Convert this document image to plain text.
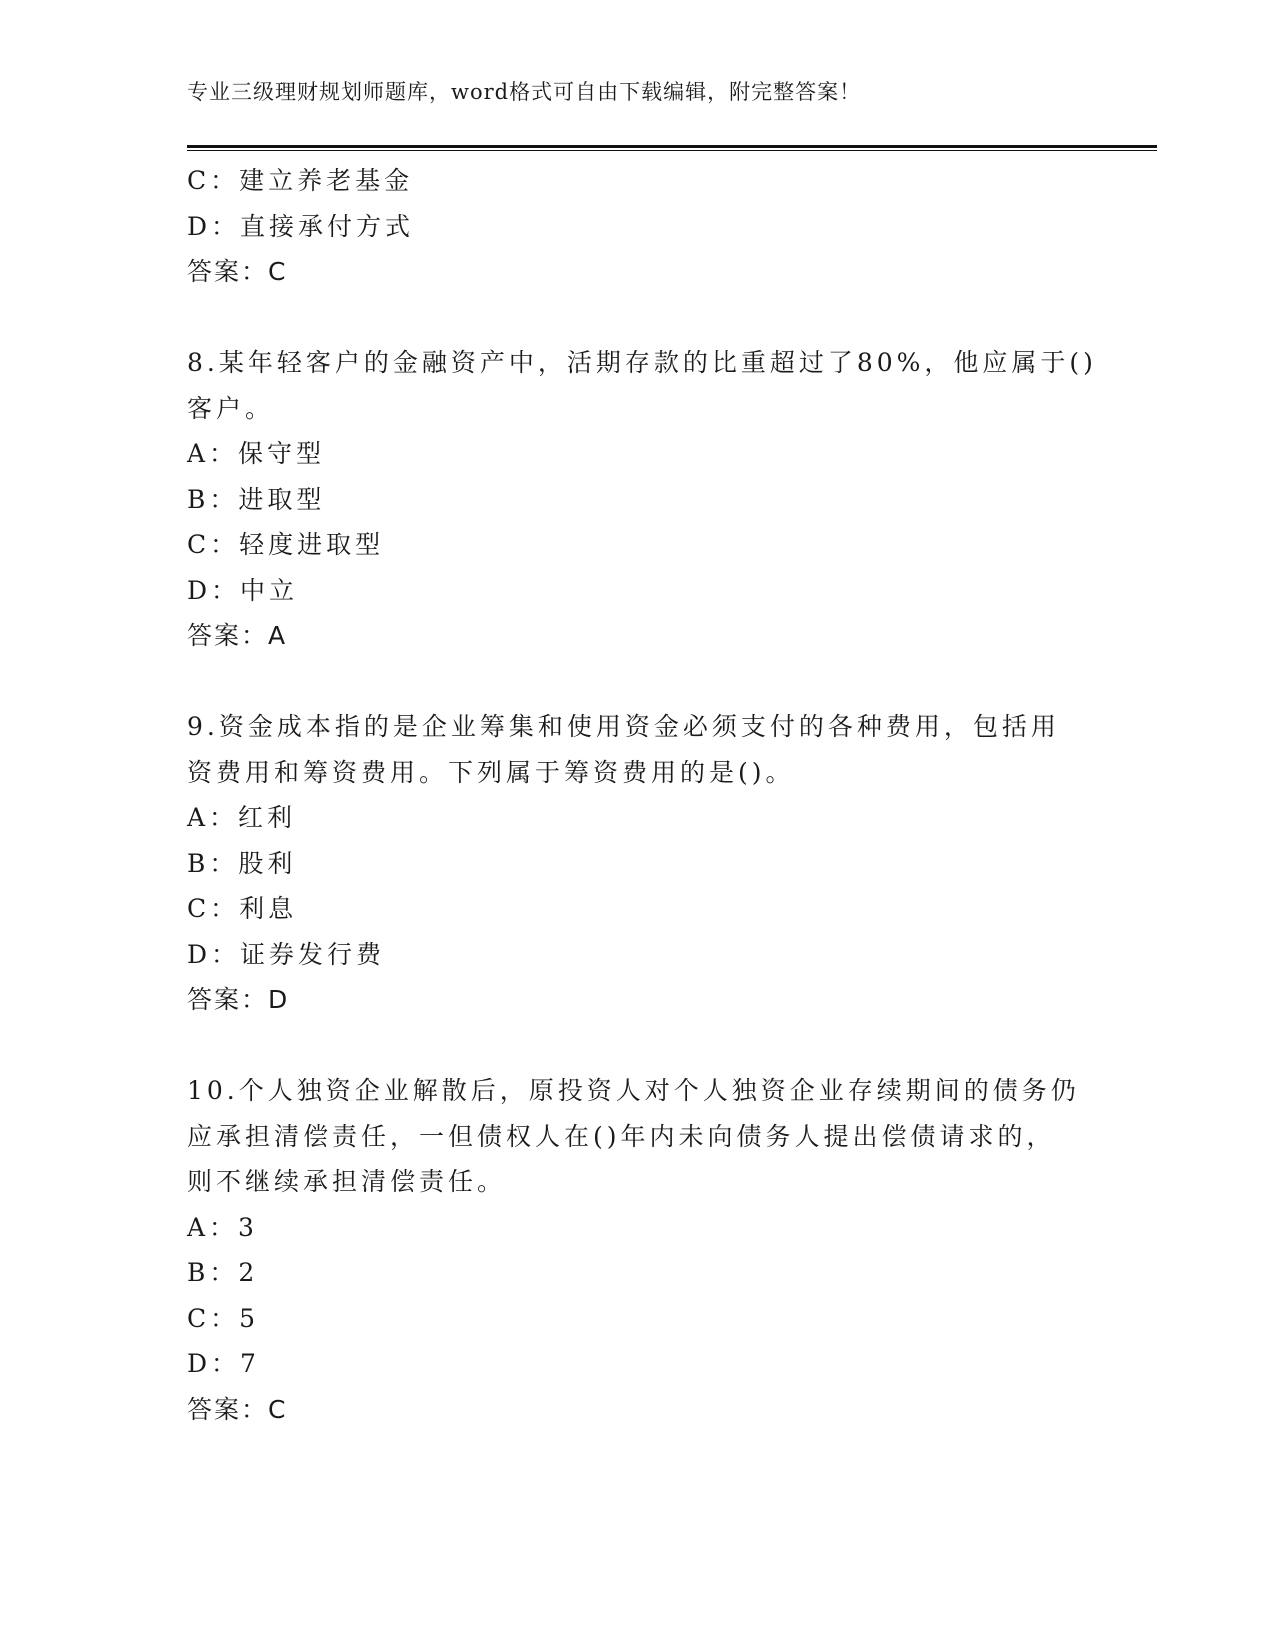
专业三级理财规划师题库，word格式可自由下载编辑，附完整答案！
C：建立养老基金
D：直接承付方式
答案：C
8.某年轻客户的金融资产中，活期存款的比重超过了80%，他应属于()
客户。
A：保守型
B：进取型
C：轻度进取型
D：中立
答案：A
9.资金成本指的是企业筹集和使用资金必须支付的各种费用，包括用
资费用和筹资费用。下列属于筹资费用的是()。
A：红利
B：股利
C：利息
D：证券发行费
答案：D
10.个人独资企业解散后，原投资人对个人独资企业存续期间的债务仍
应承担清偿责任，一但债权人在()年内未向债务人提出偿债请求的，
则不继续承担清偿责任。
A：3
B：2
C：5
D：7
答案：C
